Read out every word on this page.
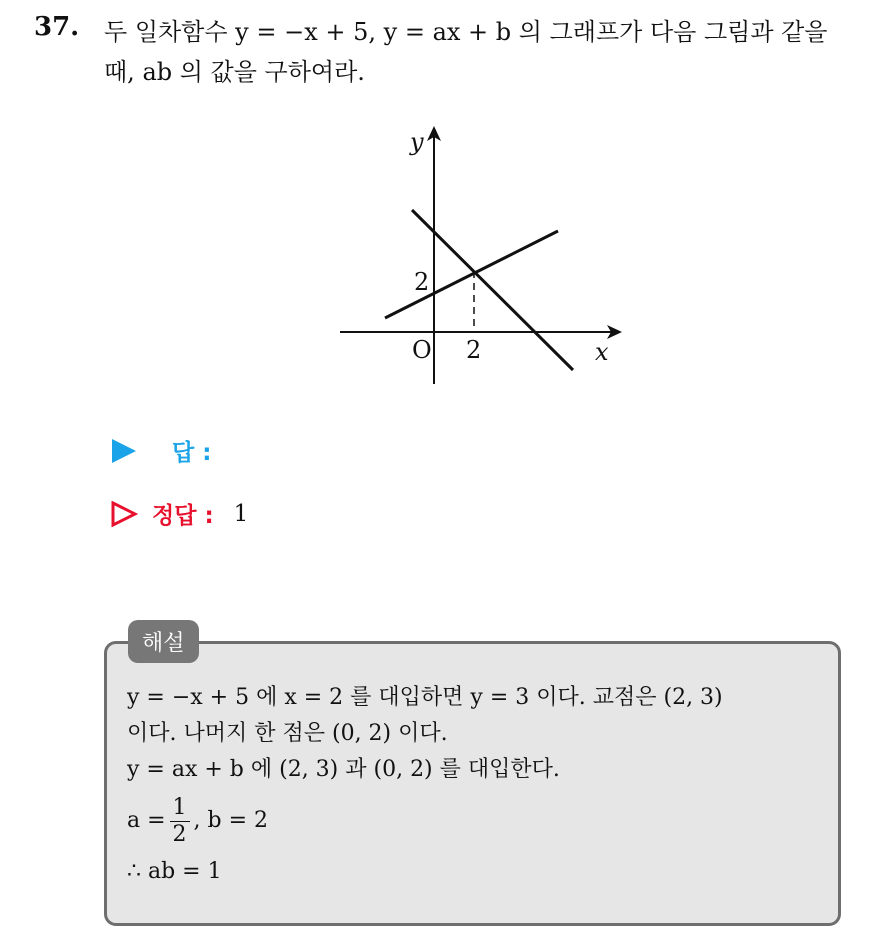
37. 두 일차함수 y = −x + 5, y = ax + b 의 그래프가 다음 그림과 같을
때, ab 의 값을 구하여라.
y
x
O 2
2
답 :
정답 : 1
y = −x + 5 에 x = 2 를 대입하면 y = 3 이다. 교점은 (2, 3)
이다. 나머지 한 점은 (0, 2) 이다.
y = ax + b 에 (2, 3) 과 (0, 2) 를 대입한다.
$a = \frac{1}{2}$ , b = 2
∴ ab = 1
해설
